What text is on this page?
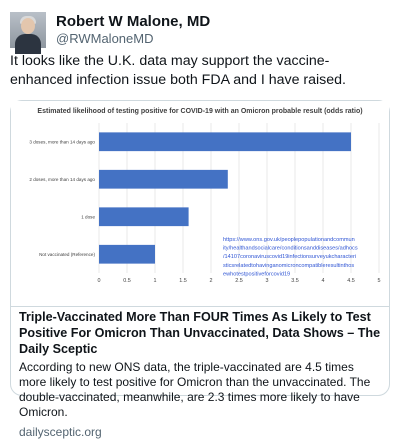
Robert W Malone, MD
@RWMaloneMD
It looks like the U.K. data may support the vaccine-enhanced infection issue both FDA and I have raised.
Estimated likelihood of testing positive for COVID-19 with an Omicron probable result (odds ratio)
3 doses, more than 14 days ago
2 doses, more than 14 days ago
1 dose
Not vaccinated (Reference)
0	0.5	1	1.5	2	2.5	3	3.5	4	4.5	5
https://www.ons.gov.uk/peoplepopulationandcommun
ity/healthandsocialcare/conditionsanddiseases/adhocs
/14107coronaviruscovid19infectionsurveyukcharacteri
sticsrelatedtohavinganomicroncompatibleresultinthos
ewhotestpositiveforcovid19
Triple-Vaccinated More Than FOUR Times As Likely to Test Positive For Omicron Than Unvaccinated, Data Shows – The Daily Sceptic
According to new ONS data, the triple-vaccinated are 4.5 times more likely to test positive for Omicron than the unvaccinated. The double-vaccinated, meanwhile, are 2.3 times more likely to have Omicron.
dailysceptic.org
